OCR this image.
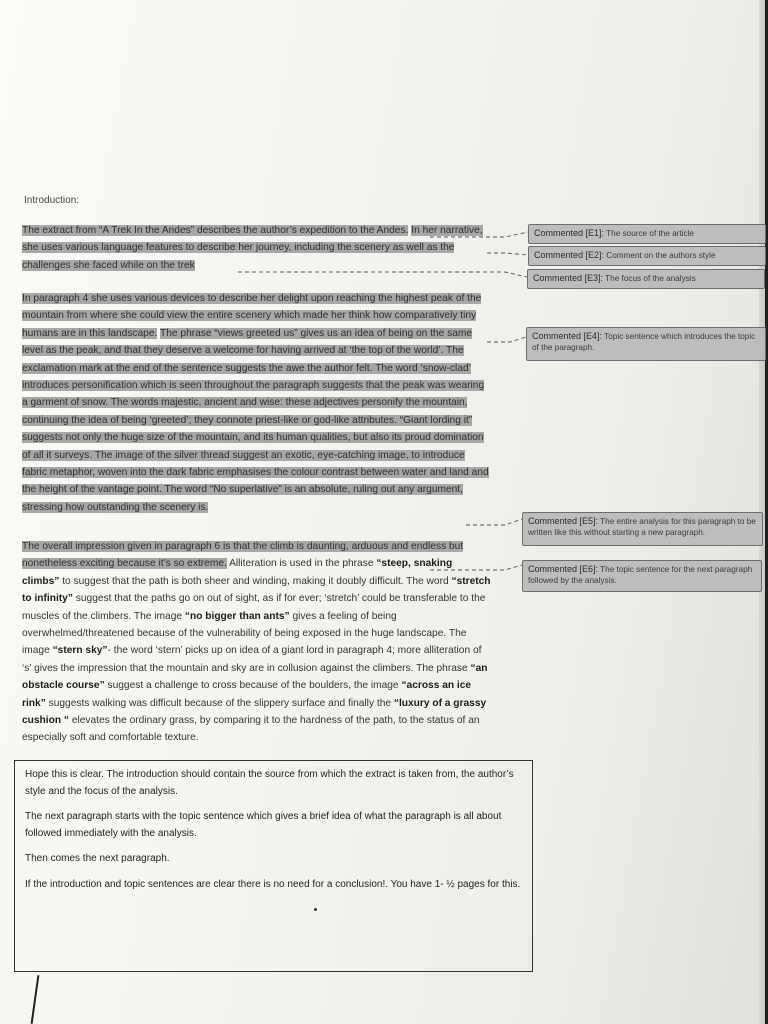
Introduction:
The extract from “A Trek In the Andes” describes the author’s expedition to the Andes. In her narrative, she uses various language features to describe her journey, including the scenery as well as the challenges she faced while on the trek
In paragraph 4 she uses various devices to describe her delight upon reaching the highest peak of the mountain from where she could view the entire scenery which made her think how comparatively tiny humans are in this landscape. The phrase “views greeted us” gives us an idea of being on the same level as the peak, and that they deserve a welcome for having arrived at ‘the top of the world’. The exclamation mark at the end of the sentence suggests the awe the author felt. The word ‘snow-clad’ introduces personification which is seen throughout the paragraph suggests that the peak was wearing a garment of snow. The words majestic, ancient and wise: these adjectives personify the mountain, continuing the idea of being ‘greeted’; they connote priest-like or god-like attributes. “Giant lording it” suggests not only the huge size of the mountain, and its human qualities, but also its proud domination of all it surveys. The image of the silver thread suggest an exotic, eye-catching image, to introduce fabric metaphor, woven into the dark fabric emphasises the colour contrast between water and land and the height of the vantage point. The word “No superlative” is an absolute, ruling out any argument, stressing how outstanding the scenery is.
The overall impression given in paragraph 6 is that the climb is daunting, arduous and endless but nonetheless exciting because it’s so extreme. Alliteration is used in the phrase “steep, snaking climbs” to suggest that the path is both sheer and winding, making it doubly difficult. The word “stretch to infinity” suggest that the paths go on out of sight, as if for ever; ‘stretch’ could be transferable to the muscles of the climbers. The image “no bigger than ants” gives a feeling of being overwhelmed/threatened because of the vulnerability of being exposed in the huge landscape. The image “stern sky”- the word ‘stern’ picks up on idea of a giant lord in paragraph 4; more alliteration of ‘s’ gives the impression that the mountain and sky are in collusion against the climbers. The phrase “an obstacle course” suggest a challenge to cross because of the boulders, the image “across an ice rink” suggests walking was difficult because of the slippery surface and finally the “luxury of a grassy cushion “ elevates the ordinary grass, by comparing it to the hardness of the path, to the status of an especially soft and comfortable texture.
Commented [E1]: The source of the article
Commented [E2]: Comment on the authors style
Commented [E3]: The focus of the analysis
Commented [E4]: Topic sentence which introduces the topic of the paragraph.
Commented [E5]: The entire analysis for this paragraph to be written like this without starting a new paragraph.
Commented [E6]: The topic sentence for the next paragraph followed by the analysis.

Hope this is clear. The introduction should contain the source from which the extract is taken from, the author’s style and the focus of the analysis.

The next paragraph starts with the topic sentence which gives a brief idea of what the paragraph is all about followed immediately with the analysis.

Then comes the next paragraph.

If the introduction and topic sentences are clear there is no need for a conclusion!. You have 1- ½ pages for this.
